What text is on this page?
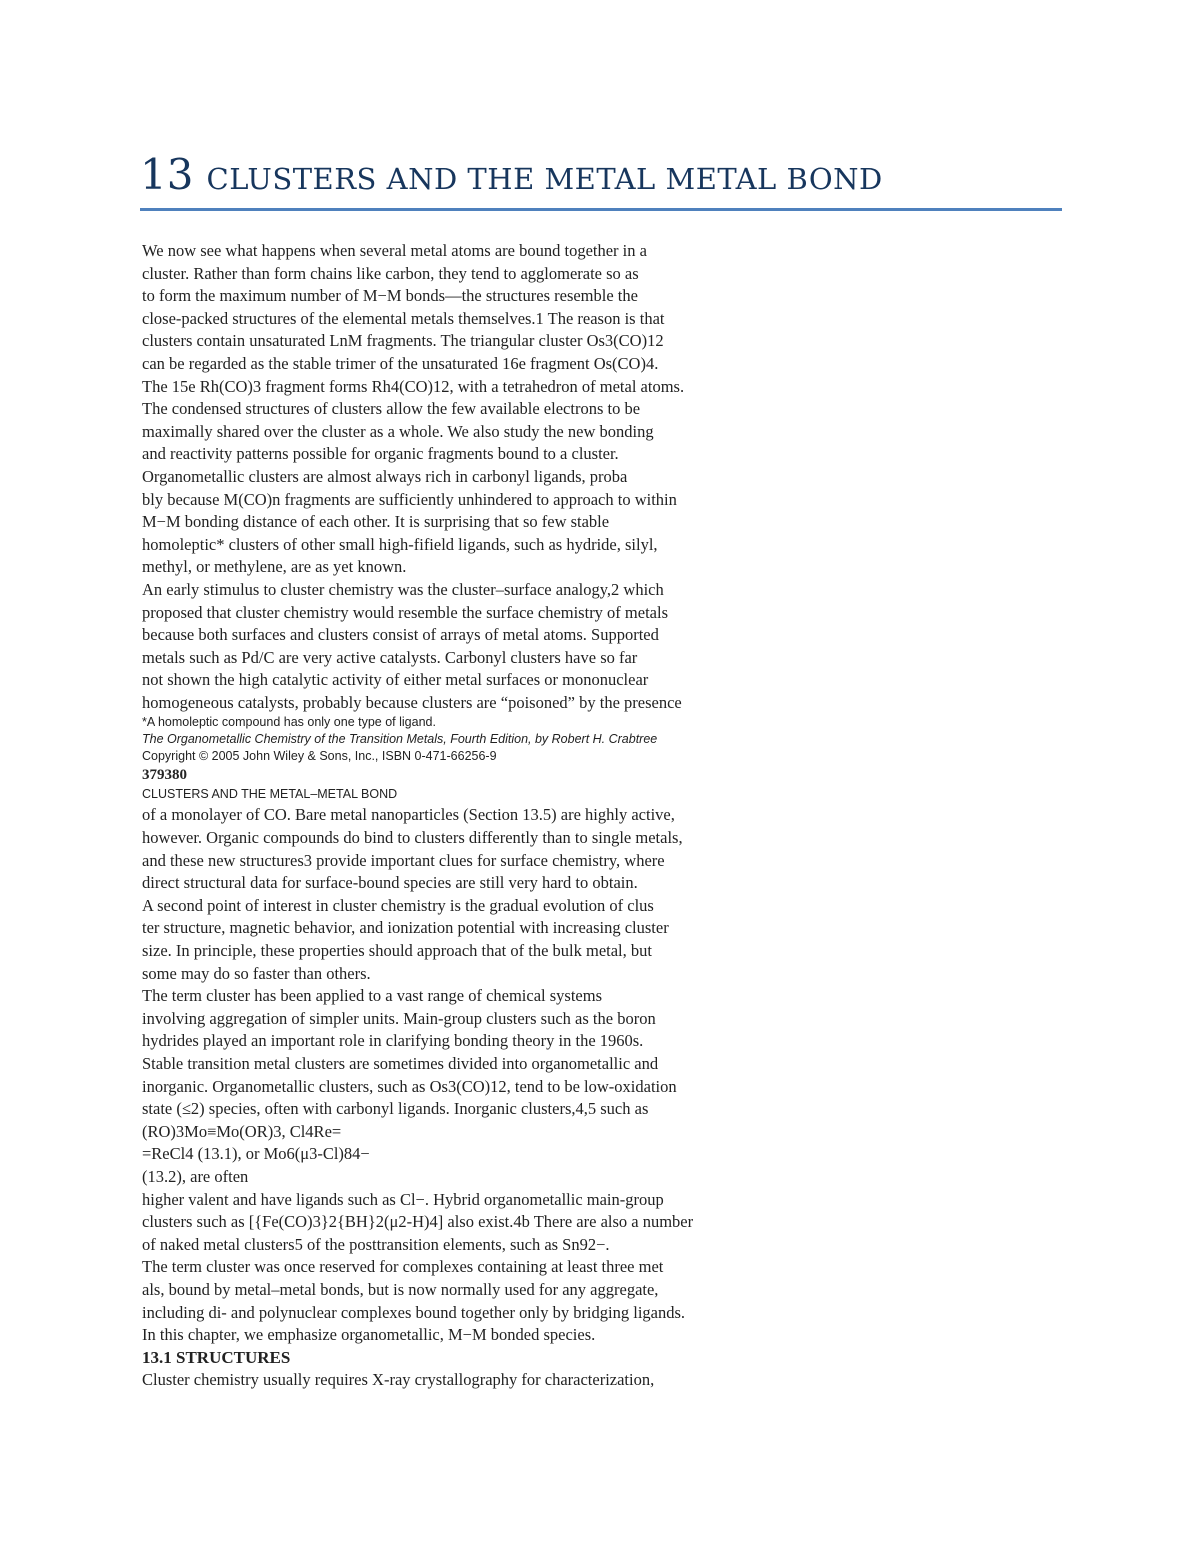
13 CLUSTERS AND THE METAL METAL BOND
We now see what happens when several metal atoms are bound together in a
cluster. Rather than form chains like carbon, they tend to agglomerate so as
to form the maximum number of M−M bonds—the structures resemble the
close-packed structures of the elemental metals themselves.1 The reason is that
clusters contain unsaturated LnM fragments. The triangular cluster Os3(CO)12
can be regarded as the stable trimer of the unsaturated 16e fragment Os(CO)4.
The 15e Rh(CO)3 fragment forms Rh4(CO)12, with a tetrahedron of metal atoms.
The condensed structures of clusters allow the few available electrons to be
maximally shared over the cluster as a whole. We also study the new bonding
and reactivity patterns possible for organic fragments bound to a cluster.
Organometallic clusters are almost always rich in carbonyl ligands, proba
bly because M(CO)n fragments are sufficiently unhindered to approach to within
M−M bonding distance of each other. It is surprising that so few stable
homoleptic* clusters of other small high-fifield ligands, such as hydride, silyl,
methyl, or methylene, are as yet known.
An early stimulus to cluster chemistry was the cluster–surface analogy,2 which
proposed that cluster chemistry would resemble the surface chemistry of metals
because both surfaces and clusters consist of arrays of metal atoms. Supported
metals such as Pd/C are very active catalysts. Carbonyl clusters have so far
not shown the high catalytic activity of either metal surfaces or mononuclear
homogeneous catalysts, probably because clusters are “poisoned” by the presence
*A homoleptic compound has only one type of ligand.
The Organometallic Chemistry of the Transition Metals, Fourth Edition, by Robert H. Crabtree
Copyright © 2005 John Wiley & Sons, Inc., ISBN 0-471-66256-9
379380
CLUSTERS AND THE METAL–METAL BOND
of a monolayer of CO. Bare metal nanoparticles (Section 13.5) are highly active,
however. Organic compounds do bind to clusters differently than to single metals,
and these new structures3 provide important clues for surface chemistry, where
direct structural data for surface-bound species are still very hard to obtain.
A second point of interest in cluster chemistry is the gradual evolution of clus
ter structure, magnetic behavior, and ionization potential with increasing cluster
size. In principle, these properties should approach that of the bulk metal, but
some may do so faster than others.
The term cluster has been applied to a vast range of chemical systems
involving aggregation of simpler units. Main-group clusters such as the boron
hydrides played an important role in clarifying bonding theory in the 1960s.
Stable transition metal clusters are sometimes divided into organometallic and
inorganic. Organometallic clusters, such as Os3(CO)12, tend to be low-oxidation
state (≤2) species, often with carbonyl ligands. Inorganic clusters,4,5 such as
(RO)3Mo≡Mo(OR)3, Cl4Re=
=ReCl4 (13.1), or Mo6(μ3-Cl)84−
(13.2), are often
higher valent and have ligands such as Cl−. Hybrid organometallic main-group
clusters such as [{Fe(CO)3}2{BH}2(μ2-H)4] also exist.4b There are also a number
of naked metal clusters5 of the posttransition elements, such as Sn92−.
The term cluster was once reserved for complexes containing at least three met
als, bound by metal–metal bonds, but is now normally used for any aggregate,
including di- and polynuclear complexes bound together only by bridging ligands.
In this chapter, we emphasize organometallic, M−M bonded species.
13.1 STRUCTURES
Cluster chemistry usually requires X-ray crystallography for characterization,
